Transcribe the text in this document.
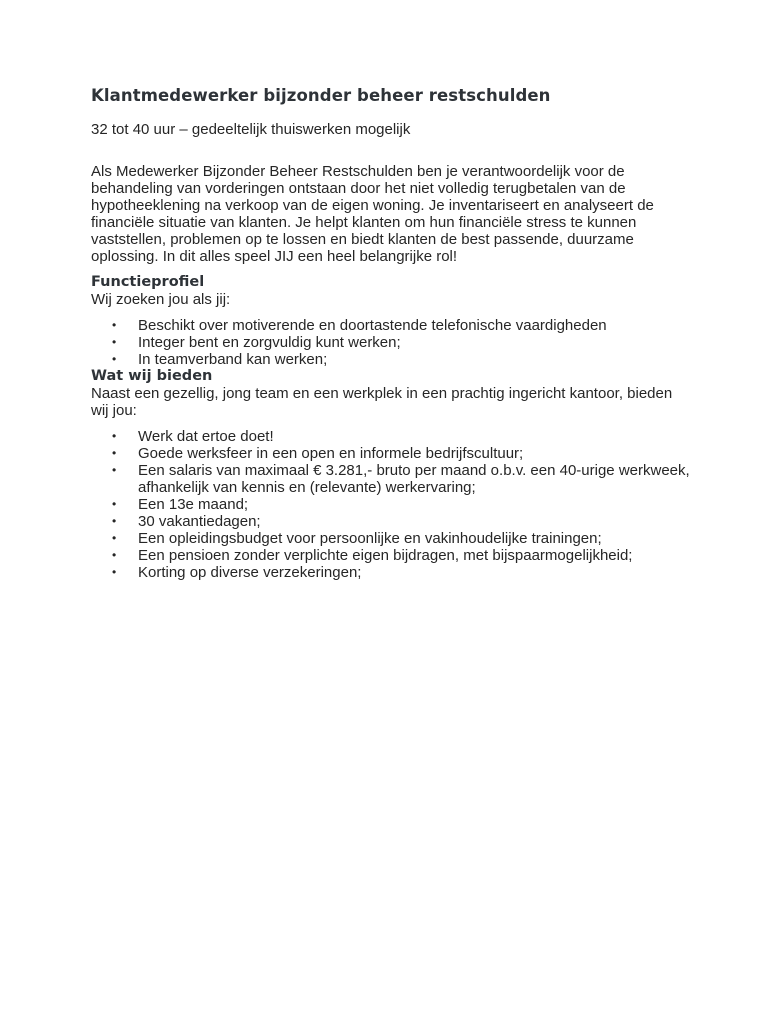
Klantmedewerker bijzonder beheer restschulden

32 tot 40 uur – gedeeltelijk thuiswerken mogelijk

Als Medewerker Bijzonder Beheer Restschulden ben je verantwoordelijk voor de behandeling van vorderingen ontstaan door het niet volledig terugbetalen van de hypotheeklening na verkoop van de eigen woning. Je inventariseert en analyseert de financiële situatie van klanten. Je helpt klanten om hun financiële stress te kunnen vaststellen, problemen op te lossen en biedt klanten de best passende, duurzame oplossing. In dit alles speel JIJ een heel belangrijke rol!

Functieprofiel

Wij zoeken jou als jij:

• Beschikt over motiverende en doortastende telefonische vaardigheden
• Integer bent en zorgvuldig kunt werken;
• In teamverband kan werken;
Wat wij bieden

Naast een gezellig, jong team en een werkplek in een prachtig ingericht kantoor, bieden wij jou:

• Werk dat ertoe doet!
• Goede werksfeer in een open en informele bedrijfscultuur;
• Een salaris van maximaal € 3.281,- bruto per maand o.b.v. een 40-urige werkweek, afhankelijk van kennis en (relevante) werkervaring;
• Een 13e maand;
• 30 vakantiedagen;
• Een opleidingsbudget voor persoonlijke en vakinhoudelijke trainingen;
• Een pensioen zonder verplichte eigen bijdragen, met bijspaarmogelijkheid;
• Korting op diverse verzekeringen;
